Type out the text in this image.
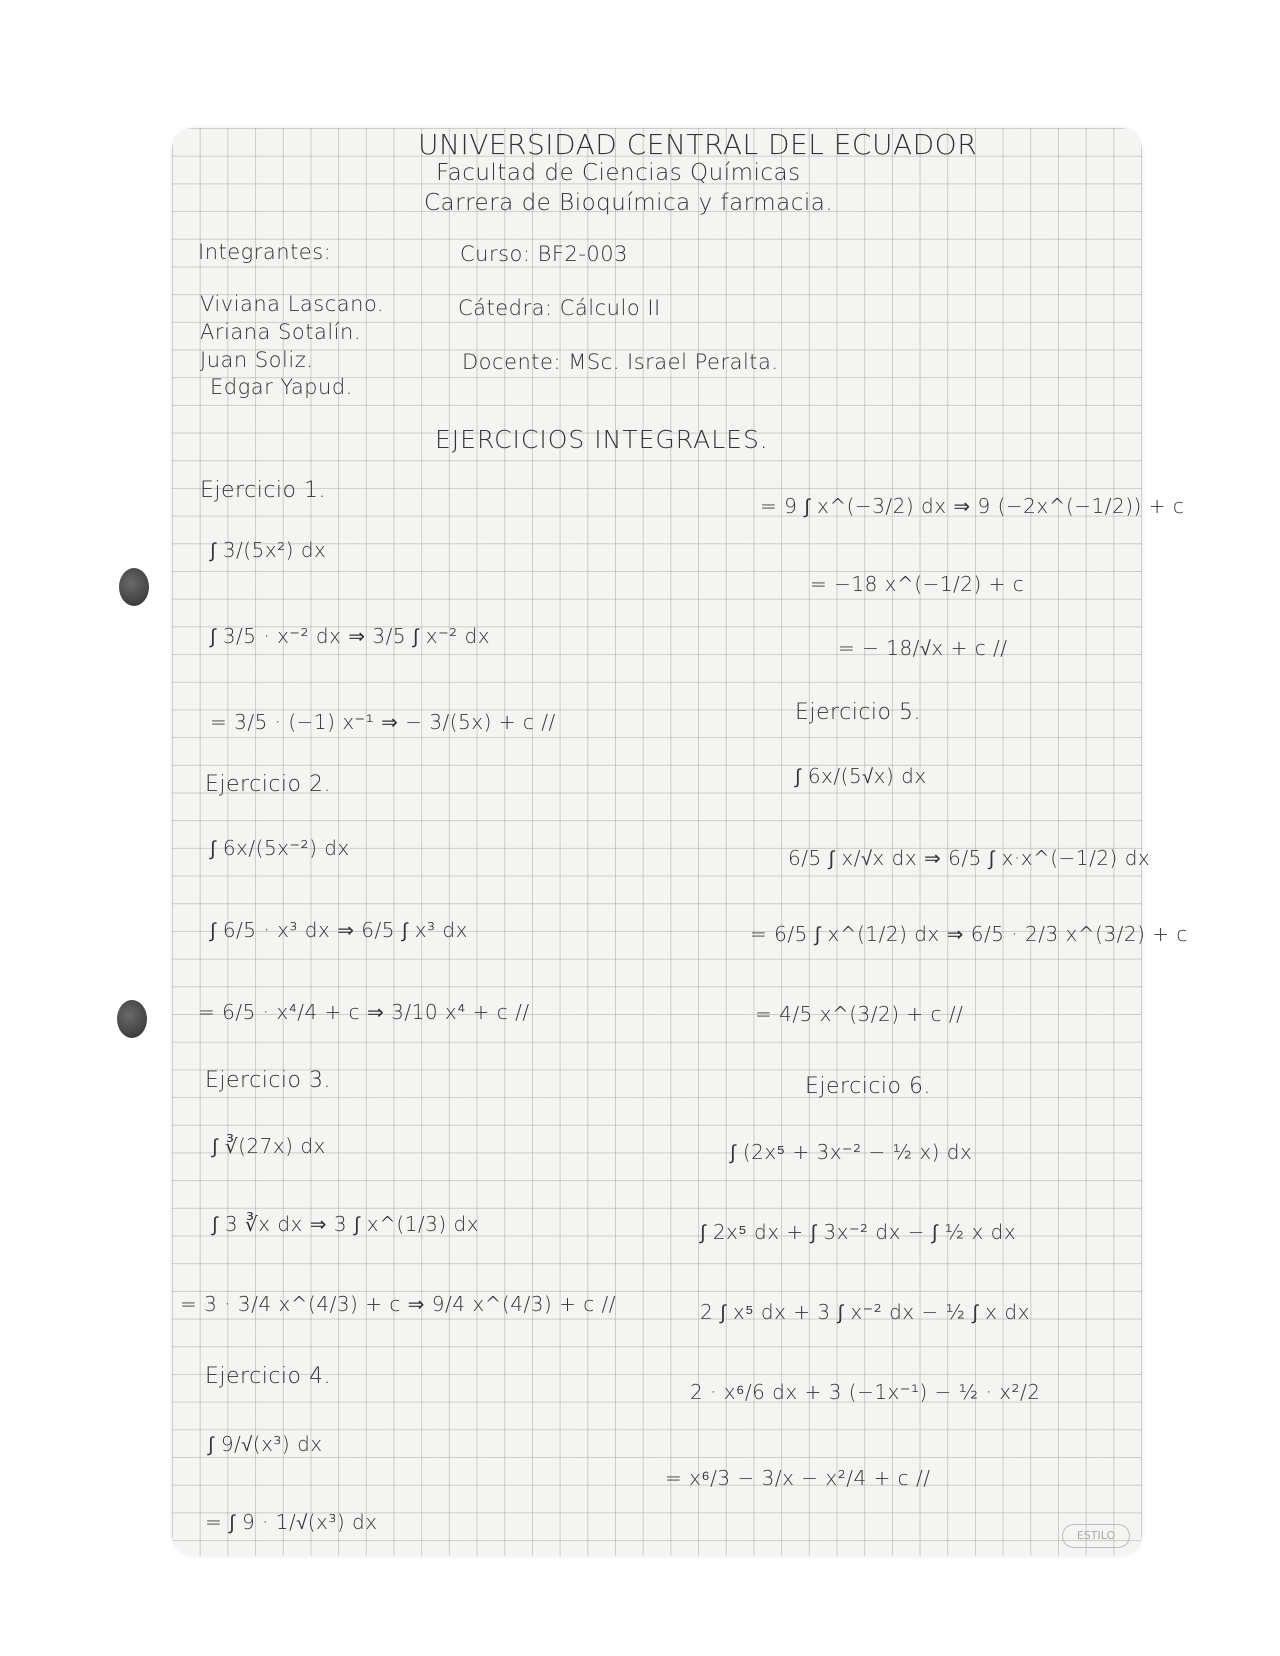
UNIVERSIDAD CENTRAL DEL ECUADOR
Facultad de Ciencias Químicas
Carrera de Bioquímica y farmacia.
Integrantes:
Viviana Lascano.
Ariana Sotalín.
Juan Soliz.
Edgar Yapud.
Curso: BF2-003
Cátedra: Cálculo II
Docente: MSc. Israel Peralta.
EJERCICIOS INTEGRALES.
Ejercicio 1.
∫ 3/(5x²) dx
∫ 3/5 · x⁻² dx ⇒ 3/5 ∫ x⁻² dx
= 3/5 · (−1) x⁻¹ ⇒ − 3/(5x) + c //
Ejercicio 2.
∫ 6x/(5x⁻²) dx
∫ 6/5 · x³ dx ⇒ 6/5 ∫ x³ dx
= 6/5 · x⁴/4 + c ⇒ 3/10 x⁴ + c //
Ejercicio 3.
∫ ∛(27x) dx
∫ 3 ∛x dx ⇒ 3 ∫ x^(1/3) dx
= 3 · 3/4 x^(4/3) + c ⇒ 9/4 x^(4/3) + c //
Ejercicio 4.
∫ 9/√(x³) dx
= ∫ 9 · 1/√(x³) dx
= 9 ∫ x^(−3/2) dx ⇒ 9 (−2x^(−1/2)) + c
= −18 x^(−1/2) + c
= − 18/√x + c //
Ejercicio 5.
∫ 6x/(5√x) dx
6/5 ∫ x/√x dx ⇒ 6/5 ∫ x·x^(−1/2) dx
= 6/5 ∫ x^(1/2) dx ⇒ 6/5 · 2/3 x^(3/2) + c
= 4/5 x^(3/2) + c //
Ejercicio 6.
∫ (2x⁵ + 3x⁻² − ½ x) dx
∫ 2x⁵ dx + ∫ 3x⁻² dx − ∫ ½ x dx
2 ∫ x⁵ dx + 3 ∫ x⁻² dx − ½ ∫ x dx
2 · x⁶/6 dx + 3 (−1x⁻¹) − ½ · x²/2
= x⁶/3 − 3/x − x²/4 + c //
ESTILO
